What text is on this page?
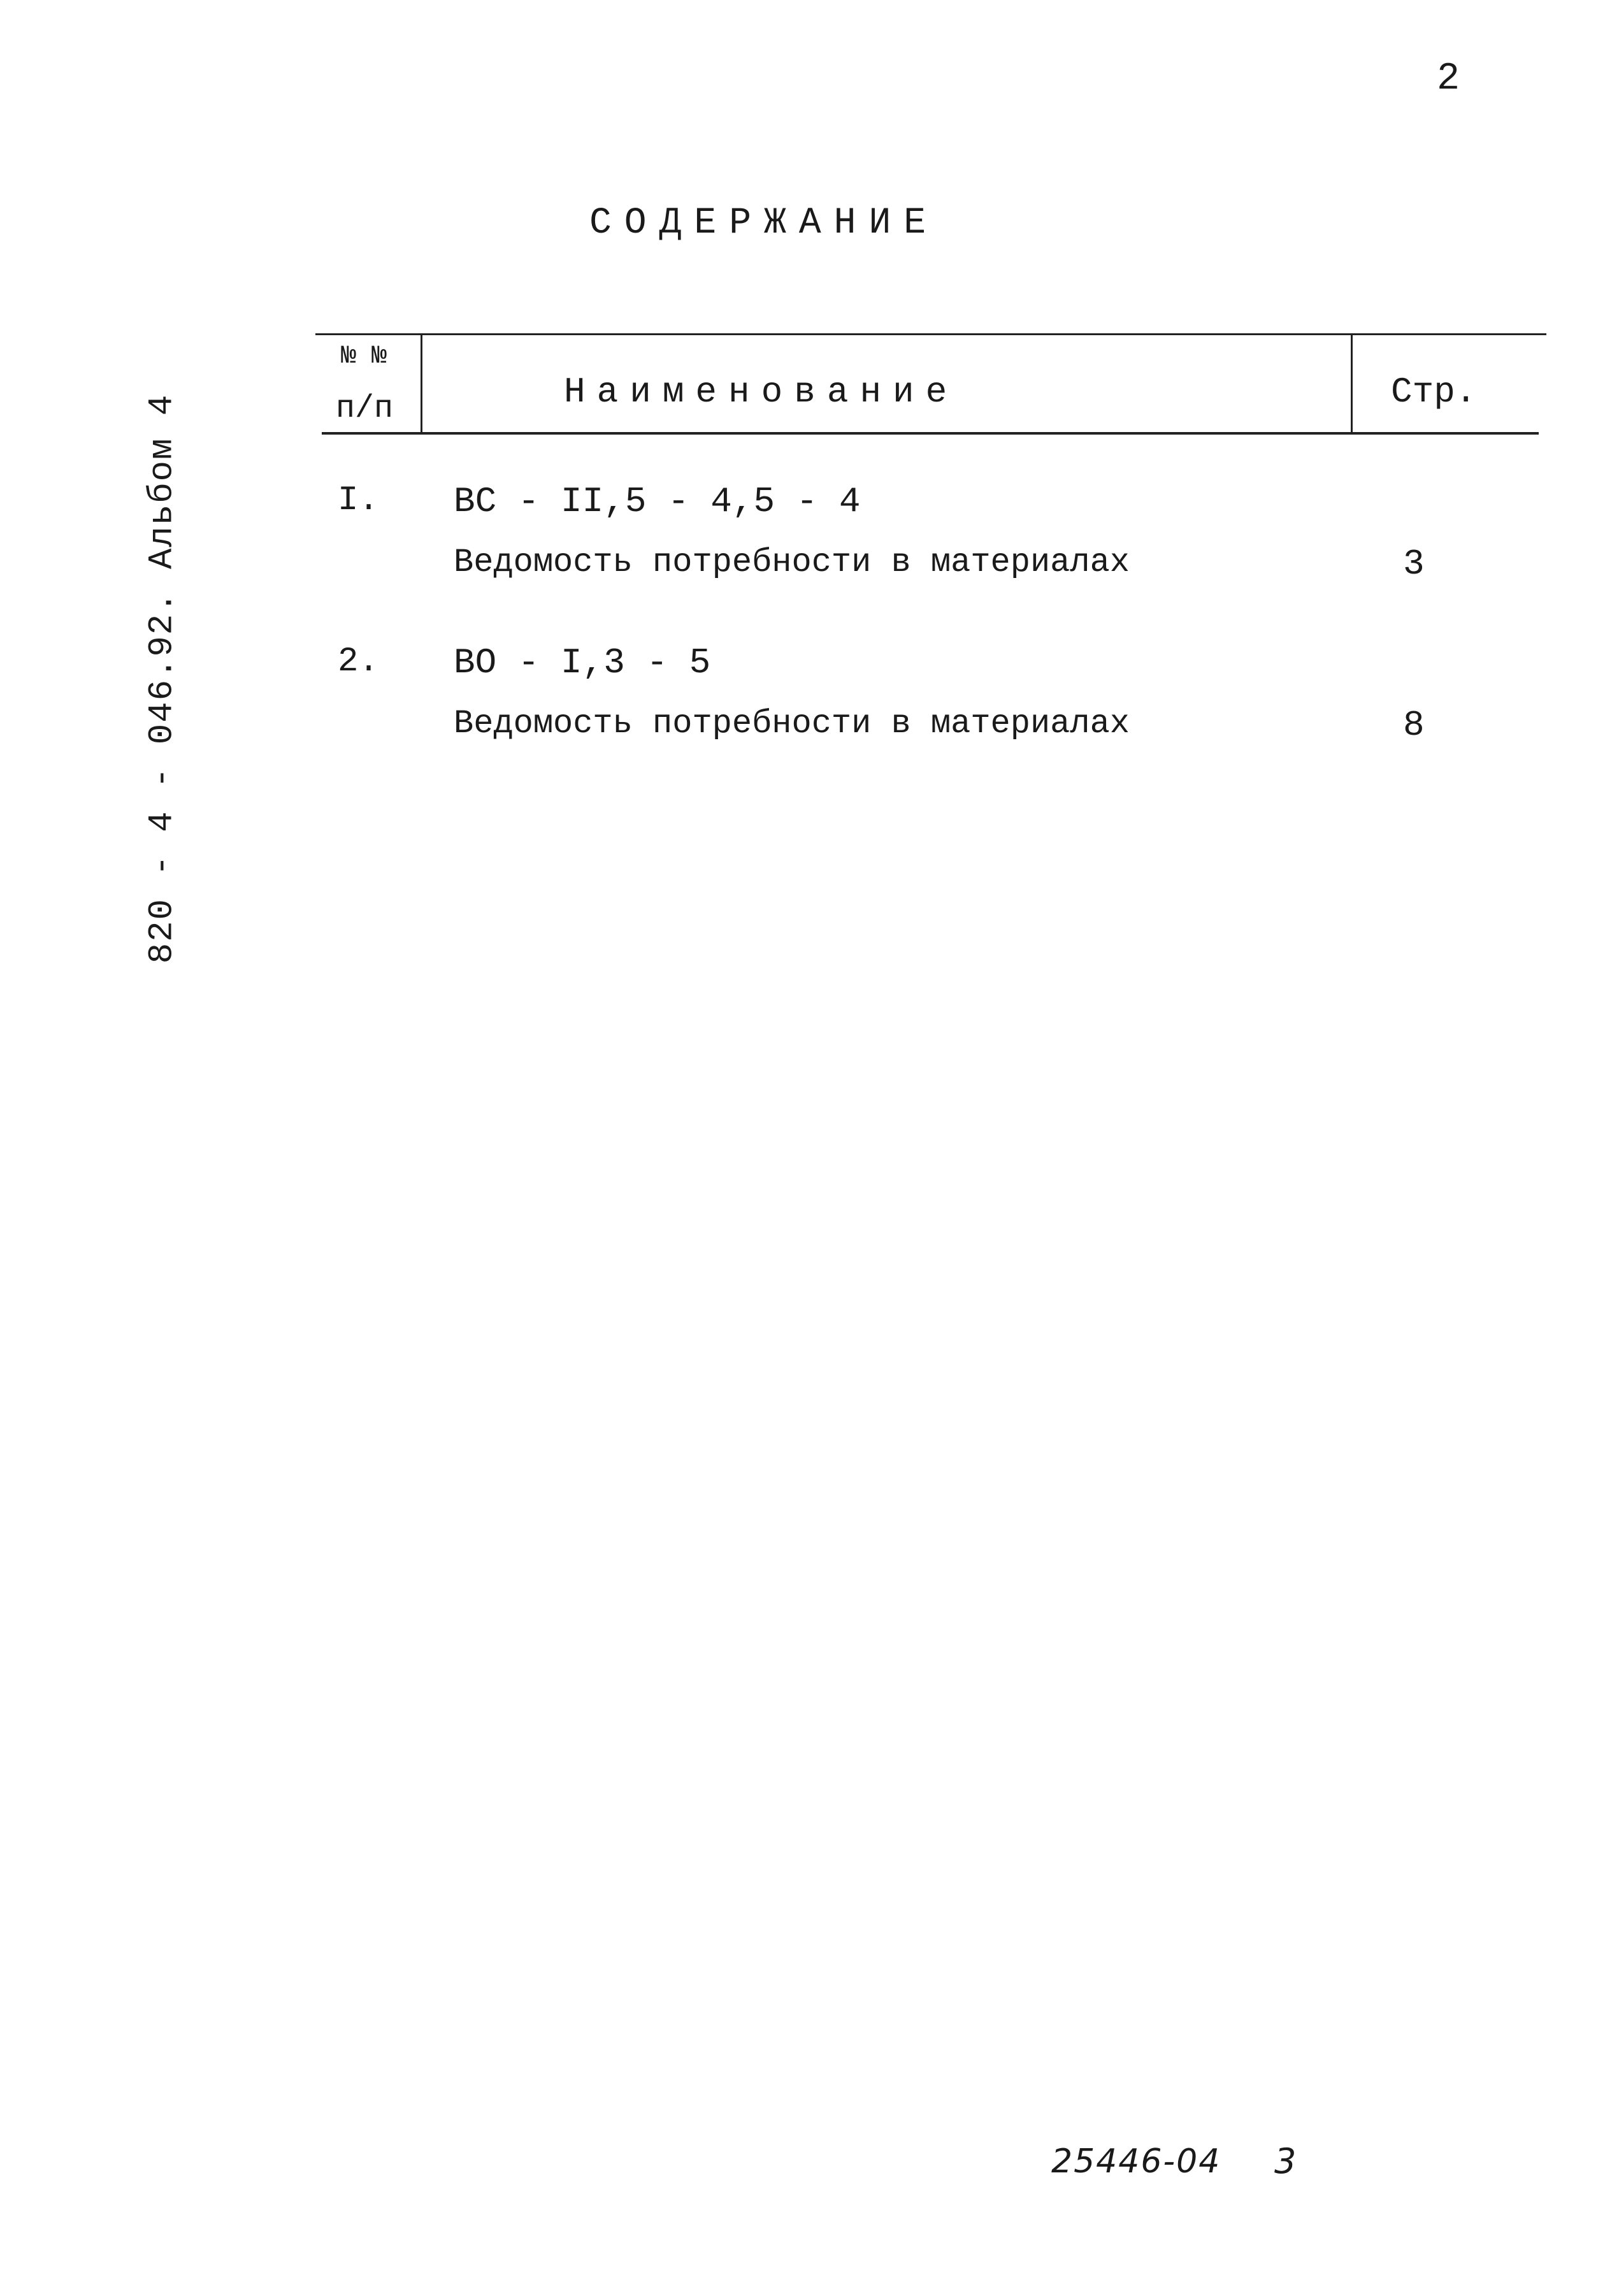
2
820 - 4 - 046.92. Альбом 4
СОДЕРЖАНИЕ
№ №
п/п	Наименование	Стр.
I. ВС - II,5 - 4,5 - 4
Ведомость потребности в материалах	3
2. ВО - I,3 - 5
Ведомость потребности в материалах	8
25446-04 3
